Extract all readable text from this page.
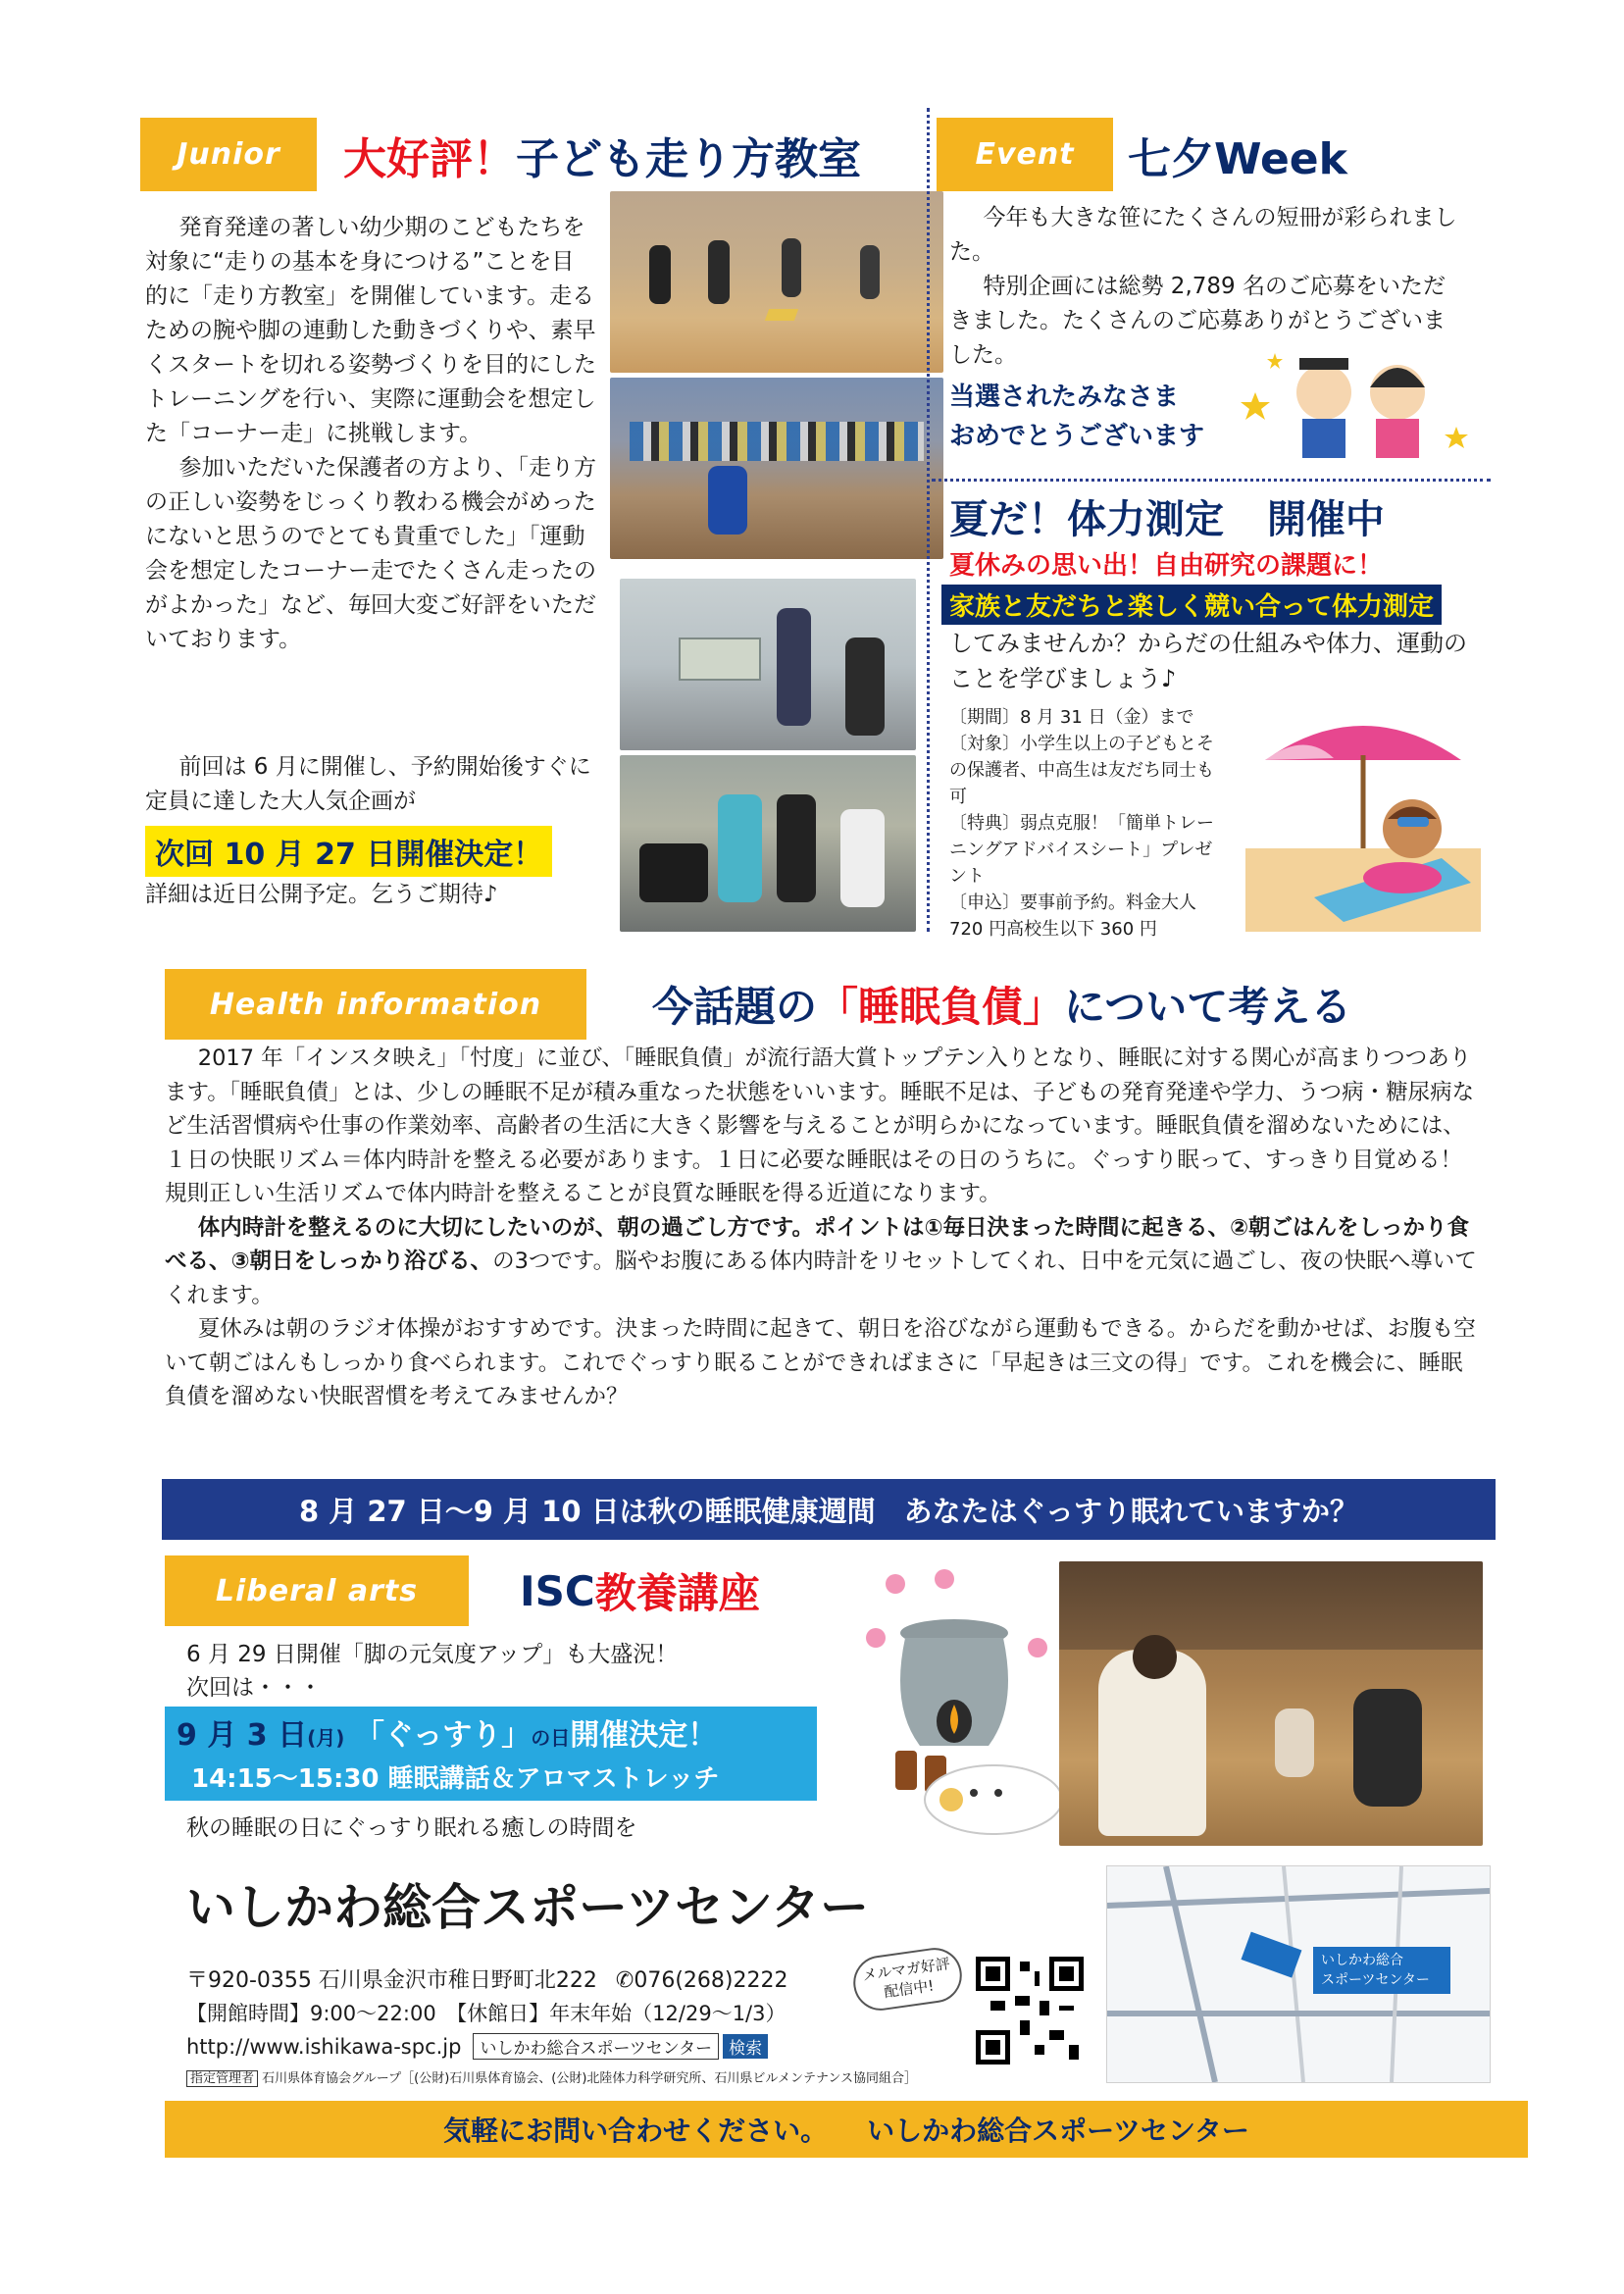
Junior	大好評！ 子ども走り方教室

発育発達の著しい幼少期のこどもたちを対象に“走りの基本を身につける”ことを目的に「走り方教室」を開催しています。走るための腕や脚の連動した動きづくりや、素早くスタートを切れる姿勢づくりを目的にしたトレーニングを行い、実際に運動会を想定した「コーナー走」に挑戦します。

参加いただいた保護者の方より、「走り方の正しい姿勢をじっくり教わる機会がめったにないと思うのでとても貴重でした」「運動会を想定したコーナー走でたくさん走ったのがよかった」など、毎回大変ご好評をいただいております。

前回は 6 月に開催し、予約開始後すぐに定員に達した大人気企画が
次回 10 月 27 日開催決定！
詳細は近日公開予定。乞うご期待♪
Event	七夕Week

今年も大きな笹にたくさんの短冊が彩られました。

特別企画には総勢 2,789 名のご応募をいただきました。たくさんのご応募ありがとうございました。

当選されたみなさま

おめでとうございます

夏だ！体力測定 開催中
夏休みの思い出！自由研究の課題に！
家族と友だちと楽しく競い合って体力測定
してみませんか？からだの仕組みや体力、運動のことを学びましょう♪

〔期間〕8 月 31 日（金）まで

〔対象〕小学生以上の子どもとその保護者、中高生は友だち同士も可

〔特典〕弱点克服！「簡単トレーニングアドバイスシート」プレゼント

〔申込〕要事前予約。料金大人 720 円高校生以下 360 円

Health information	今話題の 「睡眠負債」 について考える

2017 年「インスタ映え」「忖度」に並び、「睡眠負債」が流行語大賞トップテン入りとなり、睡眠に対する関心が高まりつつあります。「睡眠負債」とは、少しの睡眠不足が積み重なった状態をいいます。睡眠不足は、子どもの発育発達や学力、うつ病・糖尿病など生活習慣病や仕事の作業効率、高齢者の生活に大きく影響を与えることが明らかになっています。睡眠負債を溜めないためには、１日の快眠リズム＝体内時計を整える必要があります。１日に必要な睡眠はその日のうちに。ぐっすり眠って、すっきり目覚める！規則正しい生活リズムで体内時計を整えることが良質な睡眠を得る近道になります。

体内時計を整えるのに大切にしたいのが、朝の過ごし方です。ポイントは①毎日決まった時間に起きる、②朝ごはんをしっかり食べる、③朝日をしっかり浴びる、の3つです。脳やお腹にある体内時計をリセットしてくれ、日中を元気に過ごし、夜の快眠へ導いてくれます。

夏休みは朝のラジオ体操がおすすめです。決まった時間に起きて、朝日を浴びながら運動もできる。からだを動かせば、お腹も空いて朝ごはんもしっかり食べられます。これでぐっすり眠ることができればまさに「早起きは三文の得」です。これを機会に、睡眠負債を溜めない快眠習慣を考えてみませんか？

8 月 27 日～9 月 10 日は秋の睡眠健康週間　あなたはぐっすり眠れていますか？
Liberal arts	ISC 教養講座

6 月 29 日開催「脚の元気度アップ」も大盛況！

次回は・・・

9 月 3 日(月) 「ぐっすり」の日開催決定！
14:15～15:30 睡眠講話＆アロマストレッチ
秋の睡眠の日にぐっすり眠れる癒しの時間を
いしかわ総合スポーツセンター
〒920-0355 石川県金沢市稚日野町北222 ✆076(268)2222
【開館時間】9:00～22:00　【休館日】年末年始（12/29～1/3）
http://www.ishikawa-spc.jp	いしかわ総合スポーツセンター	検索
メルマガ好評配信中!
指定管理者 石川県体育協会グループ［(公財)石川県体育協会、(公財)北陸体力科学研究所、石川県ビルメンテナンス協同組合］

いしかわ総合

スポーツセンター

気軽にお問い合わせください。 いしかわ総合スポーツセンター
